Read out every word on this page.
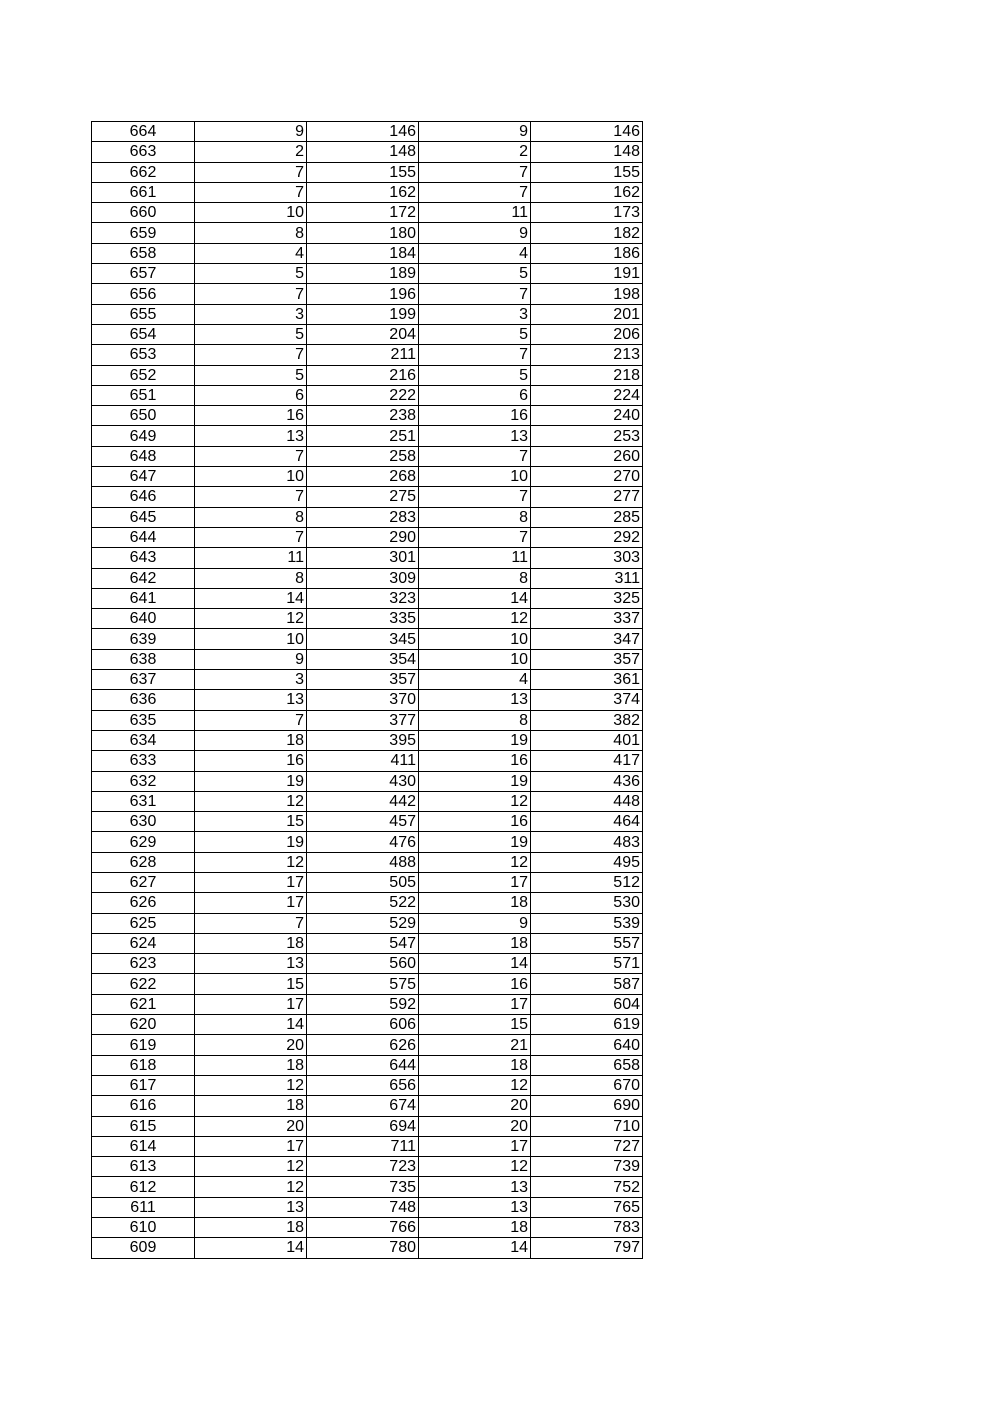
664	9	146	9	146
663	2	148	2	148
662	7	155	7	155
661	7	162	7	162
660	10	172	11	173
659	8	180	9	182
658	4	184	4	186
657	5	189	5	191
656	7	196	7	198
655	3	199	3	201
654	5	204	5	206
653	7	211	7	213
652	5	216	5	218
651	6	222	6	224
650	16	238	16	240
649	13	251	13	253
648	7	258	7	260
647	10	268	10	270
646	7	275	7	277
645	8	283	8	285
644	7	290	7	292
643	11	301	11	303
642	8	309	8	311
641	14	323	14	325
640	12	335	12	337
639	10	345	10	347
638	9	354	10	357
637	3	357	4	361
636	13	370	13	374
635	7	377	8	382
634	18	395	19	401
633	16	411	16	417
632	19	430	19	436
631	12	442	12	448
630	15	457	16	464
629	19	476	19	483
628	12	488	12	495
627	17	505	17	512
626	17	522	18	530
625	7	529	9	539
624	18	547	18	557
623	13	560	14	571
622	15	575	16	587
621	17	592	17	604
620	14	606	15	619
619	20	626	21	640
618	18	644	18	658
617	12	656	12	670
616	18	674	20	690
615	20	694	20	710
614	17	711	17	727
613	12	723	12	739
612	12	735	13	752
611	13	748	13	765
610	18	766	18	783
609	14	780	14	797
